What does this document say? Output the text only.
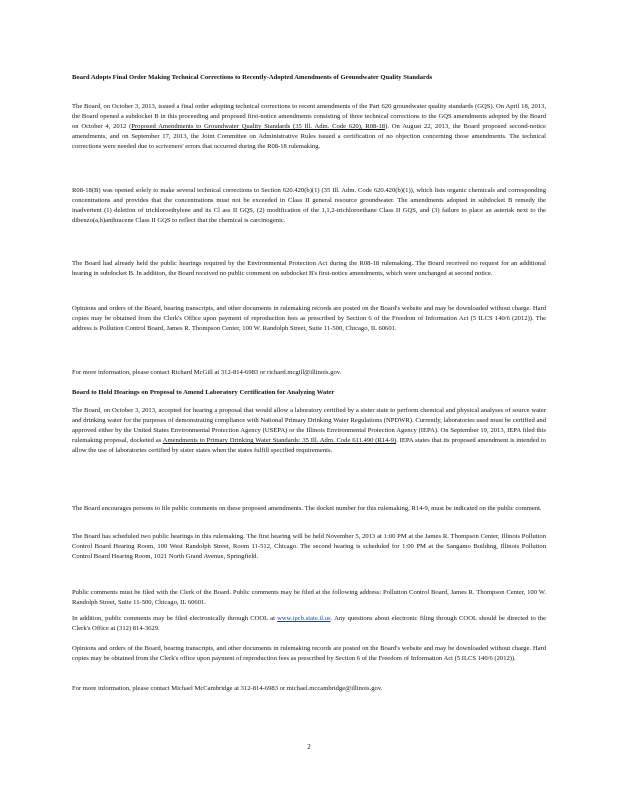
Board Adopts Final Order Making Technical Corrections to Recently-Adopted Amendments of Groundwater Quality Standards
The Board, on October 3, 2013, issued a final order adopting technical corrections to recent amendments of the Part 620 groundwater quality standards (GQS). On April 18, 2013, the Board opened a subdocket B in this proceeding and proposed first-notice amendments consisting of three technical corrections to the GQS amendments adopted by the Board on October 4, 2012 (Proposed Amendments to Groundwater Quality Standards (35 Ill. Adm. Code 620), R08-18). On August 22, 2013, the Board proposed second-notice amendments, and on September 17, 2013, the Joint Committee on Administrative Rules issued a certification of no objection concerning those amendments. The technical corrections were needed due to scriveners' errors that occurred during the R08-18 rulemaking.
R08-18(B) was opened solely to make several technical corrections to Section 620.420(b)(1) (35 Ill. Adm. Code 620.420(b)(1)), which lists organic chemicals and corresponding concentrations and provides that the concentrations must not be exceeded in Class II general resource groundwater. The amendments adopted in subdocket B remedy the inadvertent (1) deletion of trichloroethylene and its Cl ass II GQS, (2) modification of the 1,1,2-trichloroethane Class II GQS, and (3) failure to place an asterisk next to the dibenzo(a,h)anthracene Class II GQS to reflect that the chemical is carcinogenic.
The Board had already held the public hearings required by the Environmental Protection Act during the R08-18 rulemaking. The Board received no request for an additional hearing in subdocket B. In addition, the Board received no public comment on subdocket B's first-notice amendments, which were unchanged at second notice.
Opinions and orders of the Board, hearing transcripts, and other documents in rulemaking records are posted on the Board's website and may be downloaded without charge. Hard copies may be obtained from the Clerk's Office upon payment of reproduction fees as prescribed by Section 6 of the Freedom of Information Act (5 ILCS 140/6 (2012)). The address is Pollution Control Board, James R. Thompson Center, 100 W. Randolph Street, Suite 11-500, Chicago, IL 60601.
For more information, please contact Richard McGill at 312-814-6983 or richard.mcgill@illinois.gov.
Board to Hold Hearings on Proposal to Amend Laboratory Certification for Analyzing Water
The Board, on October 3, 2013, accepted for hearing a proposal that would allow a laboratory certified by a sister state to perform chemical and physical analyses of source water and drinking water for the purposes of demonstrating compliance with National Primary Drinking Water Regulations (NPDWR). Currently, laboratories used must be certified and approved either by the United States Environmental Protection Agency (USEPA) or the Illinois Environmental Protection Agency (IEPA). On September 19, 2013, IEPA filed this rulemaking proposal, docketed as Amendments to Primary Drinking Water Standards: 35 Ill. Adm. Code 611.490 (R14-9). IEPA states that its proposed amendment is intended to allow the use of laboratories certified by sister states when the states fulfill specified requirements.
The Board encourages persons to file public comments on these proposed amendments. The docket number for this rulemaking, R14-9, must be indicated on the public comment.
The Board has scheduled two public hearings in this rulemaking. The first hearing will be held November 5, 2013 at 1:00 PM at the James R. Thompson Center, Illinois Pollution Control Board Hearing Room, 100 West Randolph Street, Room 11-512, Chicago. The second hearing is scheduled for 1:00 PM at the Sangamo Building, Illinois Pollution Control Board Hearing Room, 1021 North Grand Avenue, Springfield.
Public comments must be filed with the Clerk of the Board. Public comments may be filed at the following address: Pollution Control Board, James R. Thompson Center, 100 W. Randolph Street, Suite 11-500, Chicago, IL 60601.
In addition, public comments may be filed electronically through COOL at www.ipcb.state.il.us. Any questions about electronic filing through COOL should be directed to the Clerk's Office at (312) 814-3629.
Opinions and orders of the Board, hearing transcripts, and other documents in rulemaking records are posted on the Board's website and may be downloaded without charge. Hard copies may be obtained from the Clerk's office upon payment of reproduction fees as prescribed by Section 6 of the Freedom of Information Act (5 ILCS 140/6 (2012)).
For more information, please contact Michael McCambridge at 312-814-6983 or michael.mccambridge@illinois.gov.
2
